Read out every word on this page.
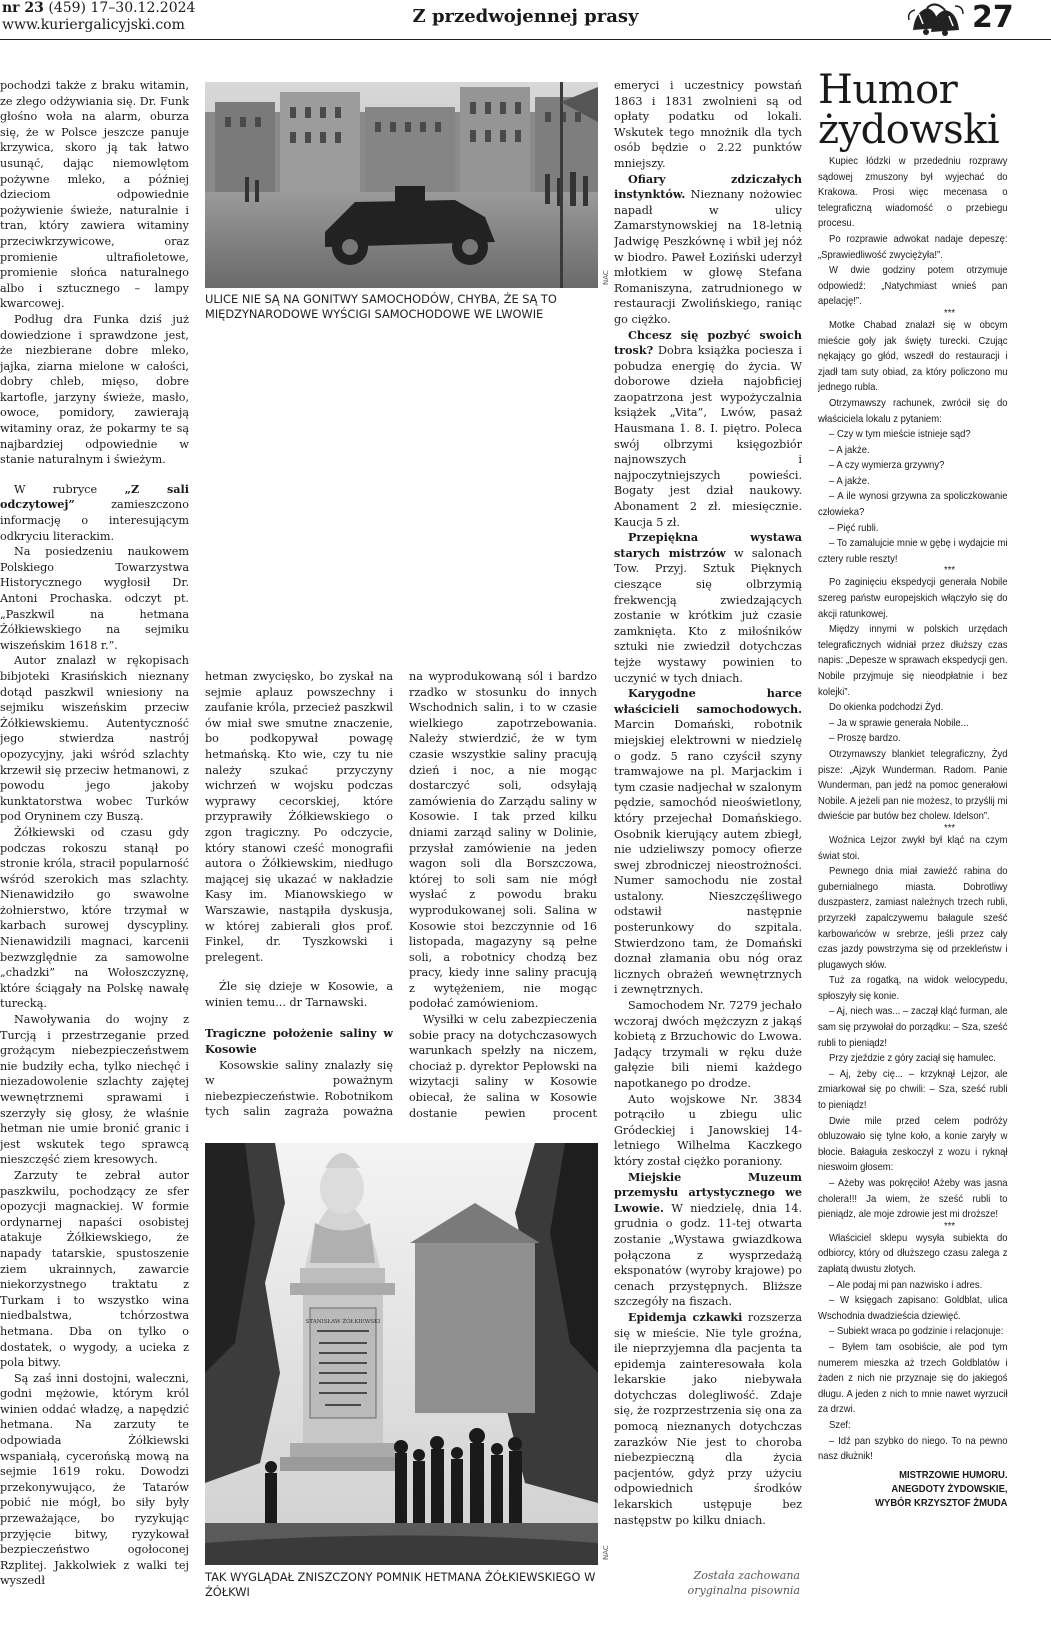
nr 23 (459) 17–30.12.2024
www.kuriergalicyjski.com	Z przedwojennej prasy	27

pochodzi także z braku witamin, ze złego odżywiania się. Dr. Funk głośno woła na alarm, oburza się, że w Polsce jeszcze panuje krzywica, skoro ją tak łatwo usunąć, dając niemowlętom pożywne mleko, a później dzieciom odpowiednie pożywienie świeże, naturalnie i tran, który zawiera witaminy przeciwkrzywicowe, oraz promienie ultrafioletowe, promienie słońca naturalnego albo i sztucznego – lampy kwarcowej.

Podług dra Funka dziś już dowiedzione i sprawdzone jest, że niezbierane dobre mleko, jajka, ziarna mielone w całości, dobry chleb, mięso, dobre kartofle, jarzyny świeże, masło, owoce, pomidory, zawierają witaminy oraz, że pokarmy te są najbardziej odpowiednie w stanie naturalnym i świeżym.

W rubryce „Z sali odczytowej”	zamieszczono informację o interesującym odkryciu literackim.

Na posiedzeniu naukowem Polskiego Towarzystwa Historycznego wygłosił Dr. Antoni Prochaska. odczyt pt. „Paszkwil na hetmana Żółkiewskiego na sejmiku wiszeńskim 1618 r.”.

Autor znalazł w rękopisach bibjoteki Krasińskich nieznany dotąd paszkwil wniesiony na sejmiku wiszeńskim przeciw Żółkiewskiemu. Autentyczność jego stwierdza nastrój opozycyjny, jaki wśród szlachty krzewił się przeciw hetmanowi, z powodu jego jakoby kunktatorstwa wobec Turków pod Oryninem czy Buszą.

Żółkiewski od czasu gdy podczas rokoszu stanął po stronie króla, stracił popularność wśród szerokich mas szlachty. Nienawidziło go swawolne żołnierstwo, które trzymał w karbach surowej dyscypliny. Nienawidzili magnaci, karcenii bezwzględnie za samowolne „chadzki” na Wołoszczyznę, które ściągały na Polskę nawałę turecką.

Nawoływania do wojny z Turcją i przestrzeganie przed grożącym niebezpieczeństwem nie budziły echa, tylko niechęć i niezadowolenie szlachty zajętej wewnętrznemi sprawami i szerzyły się głosy, że właśnie hetman nie umie bronić granic i jest wskutek tego sprawcą nieszczęść ziem kresowych.

Zarzuty te zebrał autor paszkwilu, pochodzący ze sfer opozycji magnackiej. W formie ordynarnej napaści osobistej atakuje Żółkiewskiego, że napady tatarskie, spustoszenie ziem ukrainnych, zawarcie niekorzystnego traktatu z Turkam i to wszystko wina niedbalstwa, tchórzostwa hetmana. Dba on tylko o dostatek, o wygody, a ucieka z pola bitwy.

Są zaś inni dostojni, waleczni, godni mężowie, którym król winien oddać władzę, a napędzić hetmana. Na zarzuty te odpowiada Żółkiewski wspaniałą, cycerońską mową na sejmie 1619 roku. Dowodzi przekonywująco, że Tatarów pobić nie mógł, bo siły były przeważające, bo ryzykując przyjęcie bitwy, ryzykował bezpieczeństwo ogołoconej Rzplitej. Jakkolwiek z walki tej wyszedł

NAC
ULICE NIE SĄ NA GONITWY SAMOCHODÓW, CHYBA, ŻE SĄ TO MIĘDZYNARODOWE WYŚCIGI SAMOCHODOWE WE LWOWIE

hetman zwycięsko, bo zyskał na sejmie aplauz powszechny i zaufanie króla, przecież paszkwil ów miał swe smutne znaczenie, bo podkopywał powagę hetmańską. Kto wie, czy tu nie należy szukać przyczyny wichrzeń w wojsku podczas wyprawy cecorskiej, które przyprawiły Żółkiewskiego o zgon tragiczny. Po odczycie, który stanowi cześć monografii autora o Żółkiewskim, niedługo mającej się ukazać w nakładzie Kasy im. Mianowskiego w Warszawie, nastąpiła dyskusja, w której zabierali głos prof. Finkel, dr. Tyszkowski i prelegent.

Źle się dzieje w Kosowie, a winien temu... dr Tarnawski.

Tragiczne położenie saliny w Kosowie

Kosowskie saliny znalazły się w poważnym niebezpieczeństwie. Robotnikom tych salin zagraża poważna

na wyprodukowaną sól i bardzo rzadko w stosunku do innych Wschodnich salin, i to w czasie wielkiego zapotrzebowania. Należy stwierdzić, że w tym czasie wszystkie saliny pracują dzień i noc, a nie mogąc dostarczyć soli, odsyłają zamówienia do Zarządu saliny w Kosowie. I tak przed kilku dniami zarząd saliny w Dolinie, przysłał zamówienie na jeden wagon soli dla Borszczowa, której to soli sam nie mógł wysłać z powodu braku wyprodukowanej soli. Salina w Kosowie stoi bezczynnie od 16 listopada, magazyny są pełne soli, a robotnicy chodzą bez pracy, kiedy inne saliny pracują z wytężeniem, nie mogąc podołać zamówieniom.

Wysiłki w celu zabezpieczenia sobie pracy na dotychczasowych warunkach spełzły na niczem, chociaż p. dyrektor Pepłowski na wizytacji saliny w Kosowie obiecał, że salina w Kosowie dostanie pewien procent

STANISŁAW ŻÓŁKIEWSKI
NAC
TAK WYGLĄDAŁ ZNISZCZONY POMNIK HETMANA ŻÓŁKIEWSKIEGO W ŻÓŁKWI

emeryci i uczestnicy powstań 1863 i 1831 zwolnieni są od opłaty podatku od lokali. Wskutek tego mnożnik dla tych osób będzie o 2.22 punktów mniejszy.

Ofiary zdziczałych instynktów. Nieznany nożowiec napadł w ulicy Zamarstynowskiej na 18-letnią Jadwigę Peszkównę i wbił jej nóż w biodro. Paweł Łoziński uderzył młotkiem w głowę Stefana Romaniszyna, zatrudnionego w restauracji Zwolińskiego, raniąc go ciężko.

Chcesz się pozbyć swoich trosk? Dobra książka pociesza i pobudza energię do życia. W doborowe dzieła najobficiej zaopatrzona jest wypożyczalnia książek „Vita”, Lwów, pasaż Hausmana 1. 8. I. piętro. Poleca swój olbrzymi księgozbiór najnowszych i najpoczytniejszych powieści. Bogaty jest dział naukowy. Abonament 2 zł. miesięcznie. Kaucja 5 zł.

Przepiękna wystawa starych mistrzów w salonach Tow. Przyj. Sztuk Pięknych cieszące się olbrzymią frekwencją zwiedzających zostanie w krótkim już czasie zamknięta. Kto z miłośników sztuki nie zwiedził dotychczas tejże wystawy powinien to uczynić w tych dniach.

Karygodne harce właścicieli samochodowych. Marcin Domański, robotnik miejskiej elektrowni w niedzielę o godz. 5 rano czyścił szyny tramwajowe na pl. Marjackim i tym czasie nadjechał w szalonym pędzie, samochód nieoświetlony, który przejechał Domańskiego. Osobnik kierujący autem zbiegł, nie udzieliwszy pomocy ofierze swej zbrodniczej nieostrożności. Numer samochodu nie został ustalony. Nieszczęśliwego odstawił następnie posterunkowy do szpitala. Stwierdzono tam, że Domański doznał złamania obu nóg oraz licznych obrażeń wewnętrznych i zewnętrznych.

Samochodem Nr. 7279 jechało wczoraj dwóch mężczyzn z jakąś kobietą z Brzuchowic do Lwowa. Jadący trzymali w ręku duże gałęzie bili niemi każdego napotkanego po drodze.

Auto wojskowe Nr. 3834 potrąciło u zbiegu ulic Gródeckiej i Janowskiej 14-letniego Wilhelma Kaczkego który został ciężko poraniony.

Miejskie Muzeum przemysłu artystycznego we Lwowie. W niedzielę, dnia 14. grudnia o godz. 11-tej otwarta zostanie „Wystawa gwiazdkowa połączona z wysprzedażą eksponatów (wyroby krajowe) po cenach przystępnych. Bliższe szczegóły na fiszach.

Epidemja czkawki rozszerza się w mieście. Nie tyle groźna, ile nieprzyjemna dla pacjenta ta epidemja zainteresowała kola lekarskie jako niebywała dotychczas dolegliwość. Zdaje się, że rozprzestrzenia się ona za pomocą nieznanych dotychczas zarazków Nie jest to choroba niebezpieczną dla życia pacjentów, gdyż przy użyciu odpowiednich środków lekarskich ustępuje bez następstw po kilku dniach.

Została zachowana oryginalna pisownia
Humor
żydowski

Kupiec łódzki w przededniu rozprawy sądowej zmuszony był wyjechać do Krakowa. Prosi więc mecenasa o telegraficzną wiadomość o przebiegu procesu.

Po rozprawie adwokat nadaje depeszę: „Sprawiedliwość zwyciężyła!”.

W dwie godziny potem otrzymuje odpowiedź: „Natychmiast wnieś pan apelację!”.

***

Motke Chabad znalazł się w obcym mieście goły jak święty turecki. Czując nękający go głód, wszedł do restauracji i zjadł tam suty obiad, za który policzono mu jednego rubla.

Otrzymawszy rachunek, zwrócił się do właściciela lokalu z pytaniem:

– Czy w tym mieście istnieje sąd?

– A jakże.

– A czy wymierza grzywny?

– A jakże.

– A ile wynosi grzywna za spoliczkowanie człowieka?

– Pięć rubli.

– To zamalujcie mnie w gębę i wydajcie mi cztery ruble reszty!

***

Po zaginięciu ekspedycji generała Nobile szereg państw europejskich włączyło się do akcji ratunkowej.

Między innymi w polskich urzędach telegraficznych widniał przez dłuższy czas napis: „Depesze w sprawach ekspedycji gen. Nobile przyjmuje się nieodpłatnie i bez kolejki”.

Do okienka podchodzi Żyd.

– Ja w sprawie generała Nobile...

– Proszę bardzo.

Otrzymawszy blankiet telegraficzny, Żyd pisze: „Ajzyk Wunderman. Radom. Panie Wunderman, pan jedź na pomoc generałowi Nobile. A jeżeli pan nie możesz, to przyślij mi dwieście par butów bez cholew. Idelson”.

***

Woźnica Lejzor zwykł był kląć na czym świat stoi.

Pewnego dnia miał zawieźć rabina do gubernialnego miasta. Dobrotliwy duszpasterz, zamiast należnych trzech rubli, przyrzekł zapalczywemu bałagule sześć karbowańców w srebrze, jeśli przez cały czas jazdy powstrzyma się od przekleństw i plugawych słów.

Tuż za rogatką, na widok welocypedu, spłoszyły się konie.

– Aj, niech was... – zaczął kląć furman, ale sam się przywołał do porządku: – Sza, sześć rubli to pieniądz!

Przy zjeździe z góry zaciął się hamulec.

– Aj, żeby cię... – krzyknął Lejzor, ale zmiarkował się po chwili: – Sza, sześć rubli to pieniądz!

Dwie mile przed celem podróży obluzowało się tylne koło, a konie zaryły w błocie. Bałaguła zeskoczył z wozu i ryknął nieswoim głosem:

– Ażeby was pokręciło! Ażeby was jasna cholera!!! Ja wiem, że sześć rubli to pieniądz, ale moje zdrowie jest mi droższe!

***

Właściciel sklepu wysyła subiekta do odbiorcy, który od dłuższego czasu zalega z zapłatą dwustu złotych.

– Ale podaj mi pan nazwisko i adres.

– W księgach zapisano: Goldblat, ulica Wschodnia dwadzieścia dziewięć.

– Subiekt wraca po godzinie i relacjonuje:

– Byłem tam osobiście, ale pod tym numerem mieszka aż trzech Goldblatów i żaden z nich nie przyznaje się do jakiegoś długu. A jeden z nich to mnie nawet wyrzucił za drzwi.

Szef:

– Idź pan szybko do niego. To na pewno nasz dłużnik!

MISTRZOWIE HUMORU.

ANEGDOTY ŻYDOWSKIE,

WYBÓR KRZYSZTOF ŻMUDA
